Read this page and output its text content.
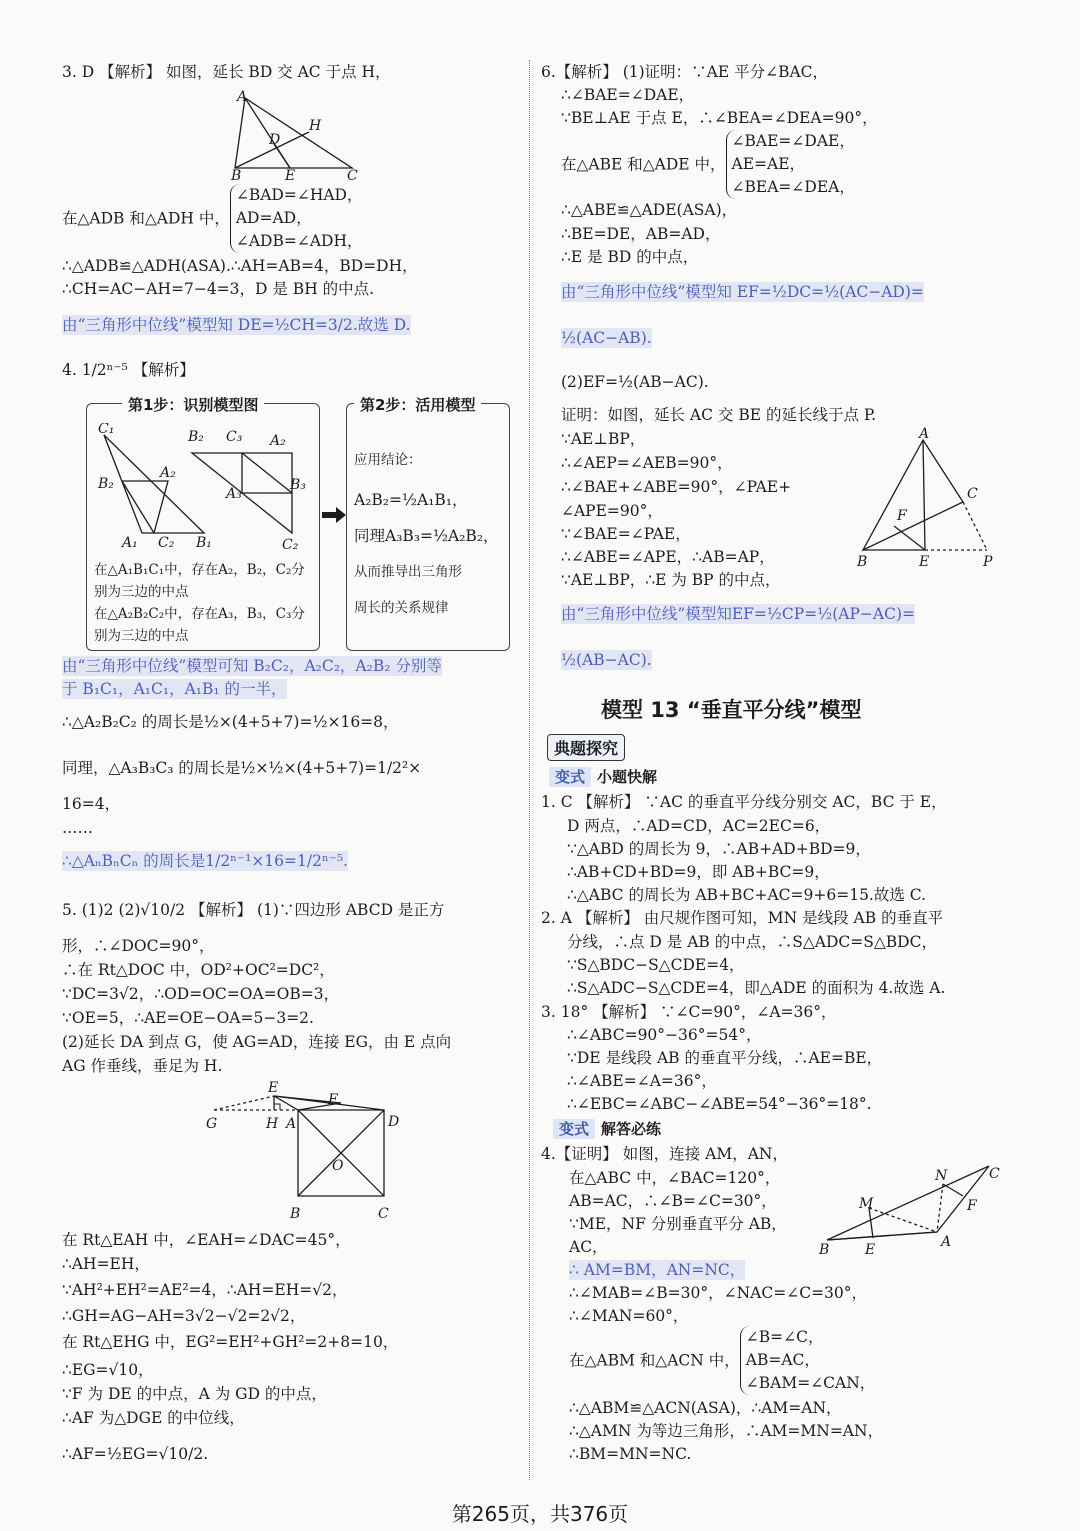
3. D 【解析】 如图，延长 BD 交 AC 于点 H，
A
H
D
B	E	C
在△ADB 和△ADH 中，
∠BAD=∠HAD，
AD=AD，
∠ADB=∠ADH，
∴△ADB≌△ADH(ASA).∴AH=AB=4，BD=DH，
∴CH=AC−AH=7−4=3，D 是 BH 的中点.
由“三角形中位线”模型知 DE=½CH=3/2.故选 D.
4. 1/2ⁿ⁻⁵ 【解析】
第1步：识别模型图	第2步：活用模型
C₁	B₂ C₃ A₂
B₂
A₂
A₃
B₃
A₁ C₂ B₁	C₂
在△A₁B₁C₁中，存在A₂，B₂，C₂分
别为三边的中点
在△A₂B₂C₂中，存在A₃，B₃，C₃分
别为三边的中点
应用结论：
A₂B₂=½A₁B₁，
同理A₃B₃=½A₂B₂，
从而推导出三角形
周长的关系规律
由“三角形中位线”模型可知 B₂C₂，A₂C₂，A₂B₂ 分别等
于 B₁C₁，A₁C₁，A₁B₁ 的一半，
∴△A₂B₂C₂ 的周长是½×(4+5+7)=½×16=8，
同理，△A₃B₃C₃ 的周长是½×½×(4+5+7)=1/2²×
16=4，
……
∴△AₙBₙCₙ 的周长是1/2ⁿ⁻¹×16=1/2ⁿ⁻⁵.
5. (1)2 (2)√10/2 【解析】 (1)∵四边形 ABCD 是正方
形，∴∠DOC=90°，
∴在 Rt△DOC 中，OD²+OC²=DC²，
∵DC=3√2，∴OD=OC=OA=OB=3，
∵OE=5，∴AE=OE−OA=5−3=2.
(2)延长 DA 到点 G，使 AG=AD，连接 EG，由 E 点向
AG 作垂线，垂足为 H.
E
F
D
G	H A
O
B	C
在 Rt△EAH 中，∠EAH=∠DAC=45°，
∴AH=EH，
∵AH²+EH²=AE²=4，∴AH=EH=√2，
∴GH=AG−AH=3√2−√2=2√2，
在 Rt△EHG 中，EG²=EH²+GH²=2+8=10，
∴EG=√10，
∵F 为 DE 的中点，A 为 GD 的中点，
∴AF 为△DGE 的中位线，
∴AF=½EG=√10/2.
6.【解析】 (1)证明：∵AE 平分∠BAC，
∴∠BAE=∠DAE，
∵BE⊥AE 于点 E，∴∠BEA=∠DEA=90°，
在△ABE 和△ADE 中，
∠BAE=∠DAE，
AE=AE，
∠BEA=∠DEA，
∴△ABE≌△ADE(ASA)，
∴BE=DE，AB=AD，
∴E 是 BD 的中点，
由“三角形中位线”模型知 EF=½DC=½(AC−AD)=
½(AC−AB).
(2)EF=½(AB−AC).
证明：如图，延长 AC 交 BE 的延长线于点 P.
∵AE⊥BP，
∴∠AEP=∠AEB=90°，
∴∠BAE+∠ABE=90°，∠PAE+
∠APE=90°，
∵∠BAE=∠PAE，
∴∠ABE=∠APE，∴AB=AP，
∵AE⊥BP，∴E 为 BP 的中点，
由“三角形中位线”模型知EF=½CP=½(AP−AC)=
½(AB−AC).
A
C
F
B	E	P
模型 13 “垂直平分线”模型
典题探究
变式 小题快解
1. C 【解析】 ∵AC 的垂直平分线分别交 AC，BC 于 E，
D 两点，∴AD=CD，AC=2EC=6，
∵△ABD 的周长为 9，∴AB+AD+BD=9，
∴AB+CD+BD=9，即 AB+BC=9，
∴△ABC 的周长为 AB+BC+AC=9+6=15.故选 C.
2. A 【解析】 由尺规作图可知，MN 是线段 AB 的垂直平
分线，∴点 D 是 AB 的中点，∴S△ADC=S△BDC，
∵S△BDC−S△CDE=4，
∴S△ADC−S△CDE=4，即△ADE 的面积为 4.故选 A.
3. 18° 【解析】 ∵∠C=90°，∠A=36°，
∴∠ABC=90°−36°=54°，
∵DE 是线段 AB 的垂直平分线，∴AE=BE，
∴∠ABE=∠A=36°，
∴∠EBC=∠ABC−∠ABE=54°−36°=18°.
变式 解答必练
4.【证明】 如图，连接 AM，AN，
在△ABC 中，∠BAC=120°，
AB=AC，∴∠B=∠C=30°，
∵ME，NF 分别垂直平分 AB，
AC，
∴ AM=BM，AN=NC，
∴∠MAB=∠B=30°，∠NAC=∠C=30°，
∴∠MAN=60°，
在△ABM 和△ACN 中，
∠B=∠C，
AB=AC，
∠BAM=∠CAN，
∴△ABM≌△ACN(ASA)，∴AM=AN，
∴△AMN 为等边三角形，∴AM=MN=AN，
∴BM=MN=NC.
N	C
M	F
B	E	A
第265页，共376页
